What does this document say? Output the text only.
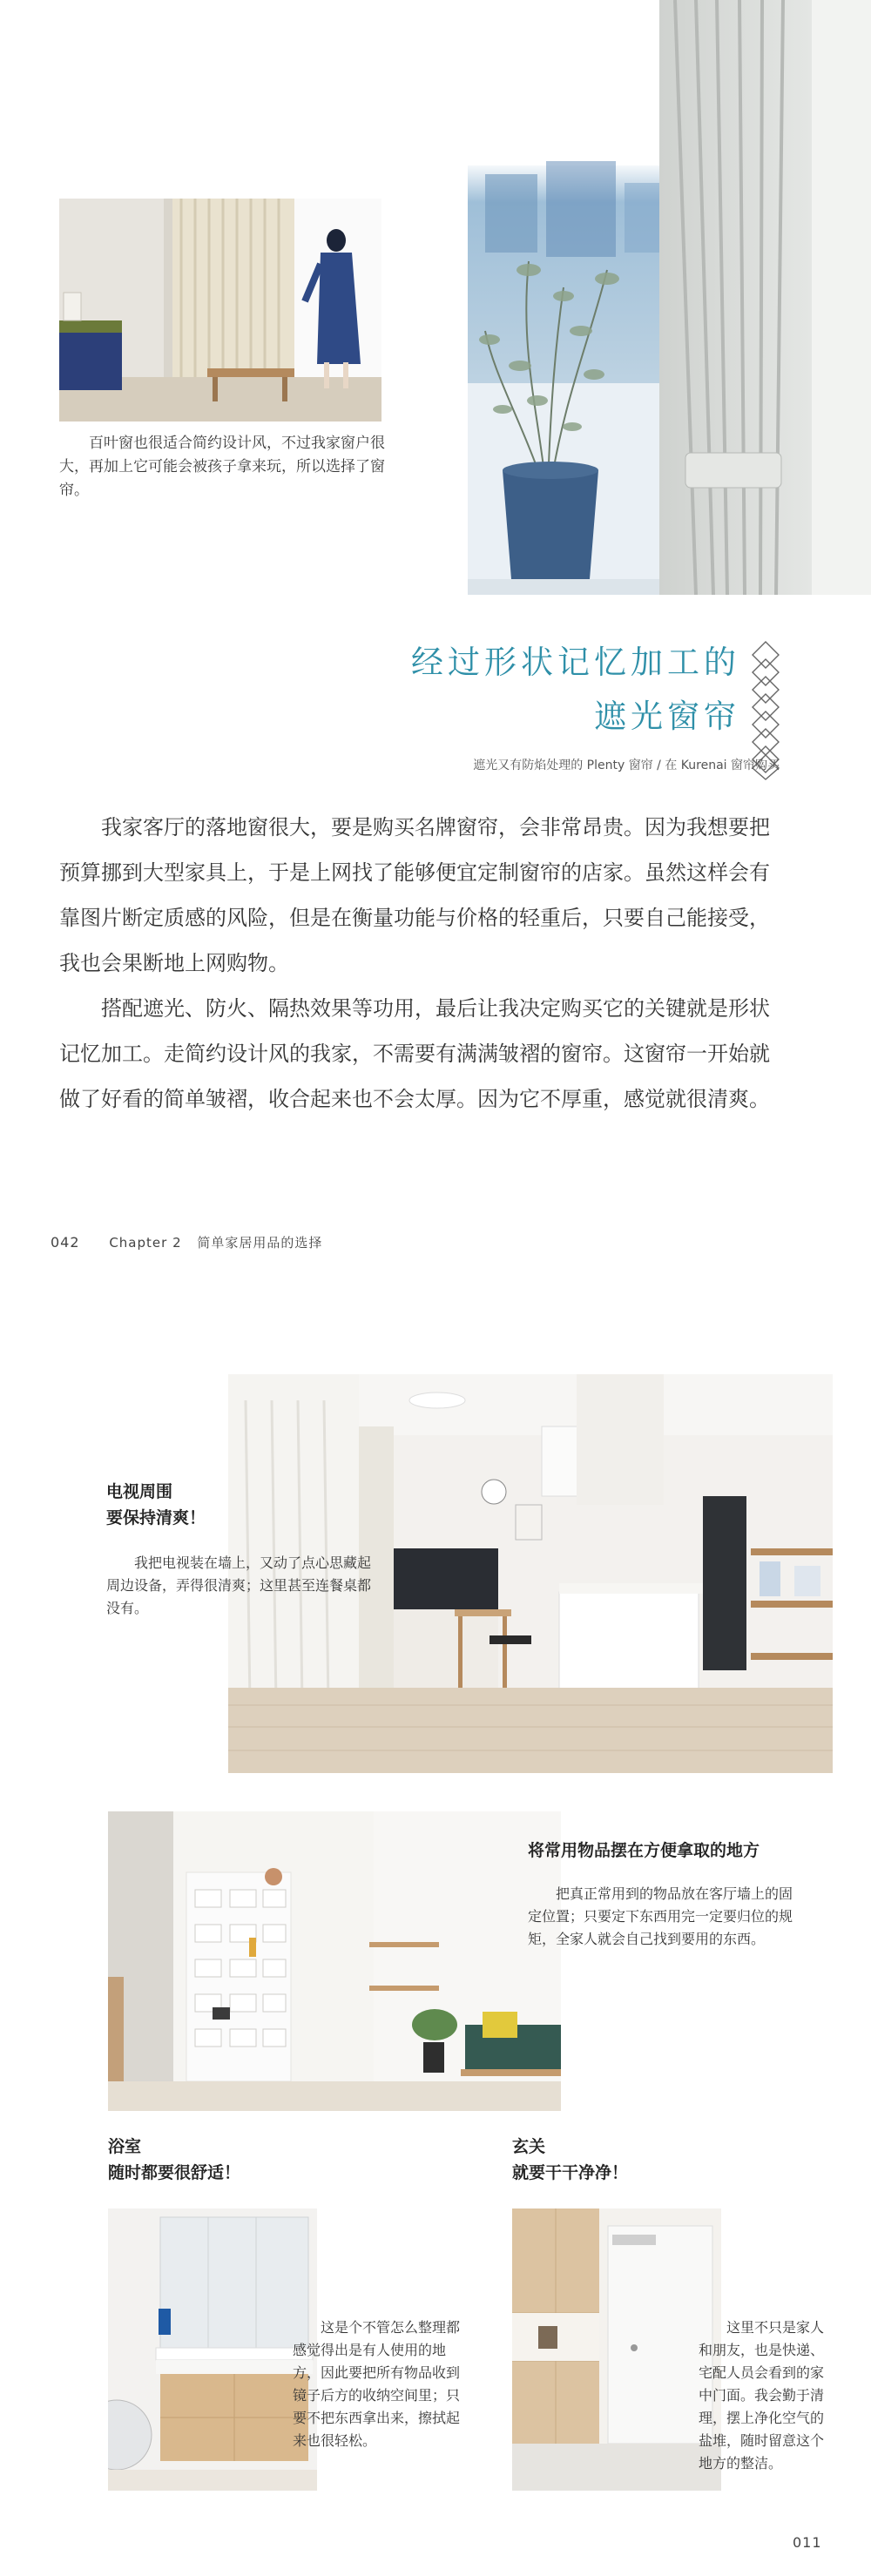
百叶窗也很适合简约设计风，不过我家窗户很大，再加上它可能会被孩子拿来玩，所以选择了窗帘。
经过形状记忆加工的
遮光窗帘
遮光又有防焰处理的 Plenty 窗帘 / 在 Kurenai 窗帘购买

我家客厅的落地窗很大，要是购买名牌窗帘，会非常昂贵。因为我想要把预算挪到大型家具上，于是上网找了能够便宜定制窗帘的店家。虽然这样会有靠图片断定质感的风险，但是在衡量功能与价格的轻重后，只要自己能接受，我也会果断地上网购物。

搭配遮光、防火、隔热效果等功用，最后让我决定购买它的关键就是形状记忆加工。走简约设计风的我家，不需要有满满皱褶的窗帘。这窗帘一开始就做了好看的简单皱褶，收合起来也不会太厚。因为它不厚重，感觉就很清爽。

042 Chapter 2 简单家居用品的选择
电视周围
要保持清爽！
我把电视装在墙上，又动了点心思藏起周边设备，弄得很清爽；这里甚至连餐桌都没有。
将常用物品摆在方便拿取的地方
把真正常用到的物品放在客厅墙上的固定位置；只要定下东西用完一定要归位的规矩，全家人就会自己找到要用的东西。
浴室
随时都要很舒适！
玄关
就要干干净净！
这是个不管怎么整理都感觉得出是有人使用的地方，因此要把所有物品收到镜子后方的收纳空间里；只要不把东西拿出来，擦拭起来也很轻松。
这里不只是家人和朋友，也是快递、宅配人员会看到的家中门面。我会勤于清理，摆上净化空气的盐堆，随时留意这个地方的整洁。
011
